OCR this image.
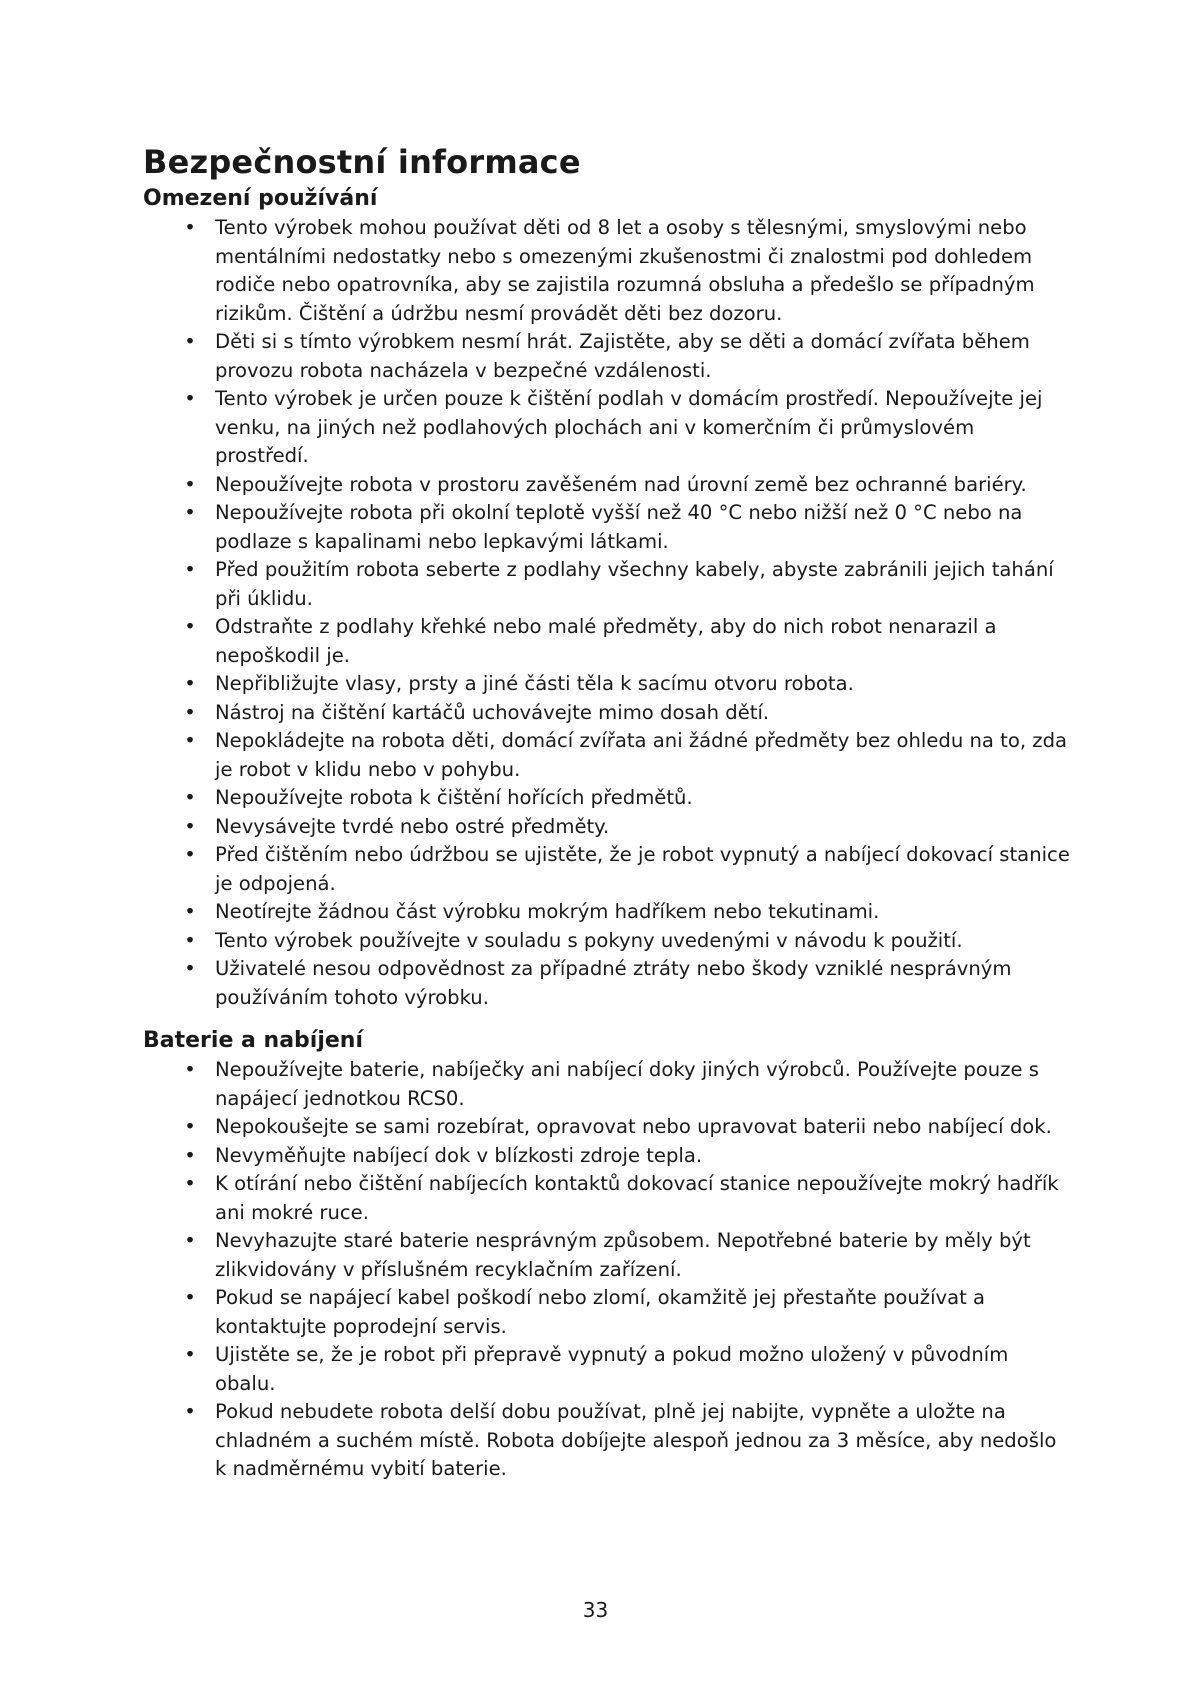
Bezpečnostní informace
Omezení používání
• Tento výrobek mohou používat děti od 8 let a osoby s tělesnými, smyslovými nebo mentálními nedostatky nebo s omezenými zkušenostmi či znalostmi pod dohledem rodiče nebo opatrovníka, aby se zajistila rozumná obsluha a předešlo se případným rizikům. Čištění a údržbu nesmí provádět děti bez dozoru.
• Děti si s tímto výrobkem nesmí hrát. Zajistěte, aby se děti a domácí zvířata během provozu robota nacházela v bezpečné vzdálenosti.
• Tento výrobek je určen pouze k čištění podlah v domácím prostředí. Nepoužívejte jej venku, na jiných než podlahových plochách ani v komerčním či průmyslovém prostředí.
• Nepoužívejte robota v prostoru zavěšeném nad úrovní země bez ochranné bariéry.
• Nepoužívejte robota při okolní teplotě vyšší než 40 °C nebo nižší než 0 °C nebo na podlaze s kapalinami nebo lepkavými látkami.
• Před použitím robota seberte z podlahy všechny kabely, abyste zabránili jejich tahání při úklidu.
• Odstraňte z podlahy křehké nebo malé předměty, aby do nich robot nenarazil a nepoškodil je.
• Nepřibližujte vlasy, prsty a jiné části těla k sacímu otvoru robota.
• Nástroj na čištění kartáčů uchovávejte mimo dosah dětí.
• Nepokládejte na robota děti, domácí zvířata ani žádné předměty bez ohledu na to, zda je robot v klidu nebo v pohybu.
• Nepoužívejte robota k čištění hořících předmětů.
• Nevysávejte tvrdé nebo ostré předměty.
• Před čištěním nebo údržbou se ujistěte, že je robot vypnutý a nabíjecí dokovací stanice je odpojená.
• Neotírejte žádnou část výrobku mokrým hadříkem nebo tekutinami.
• Tento výrobek používejte v souladu s pokyny uvedenými v návodu k použití.
• Uživatelé nesou odpovědnost za případné ztráty nebo škody vzniklé nesprávným používáním tohoto výrobku.
Baterie a nabíjení
• Nepoužívejte baterie, nabíječky ani nabíjecí doky jiných výrobců. Používejte pouze s napájecí jednotkou RCS0.
• Nepokoušejte se sami rozebírat, opravovat nebo upravovat baterii nebo nabíjecí dok.
• Nevyměňujte nabíjecí dok v blízkosti zdroje tepla.
• K otírání nebo čištění nabíjecích kontaktů dokovací stanice nepoužívejte mokrý hadřík ani mokré ruce.
• Nevyhazujte staré baterie nesprávným způsobem. Nepotřebné baterie by měly být zlikvidovány v příslušném recyklačním zařízení.
• Pokud se napájecí kabel poškodí nebo zlomí, okamžitě jej přestaňte používat a kontaktujte poprodejní servis.
• Ujistěte se, že je robot při přepravě vypnutý a pokud možno uložený v původním obalu.
• Pokud nebudete robota delší dobu používat, plně jej nabijte, vypněte a uložte na chladném a suchém místě. Robota dobíjejte alespoň jednou za 3 měsíce, aby nedošlo k nadměrnému vybití baterie.
33
